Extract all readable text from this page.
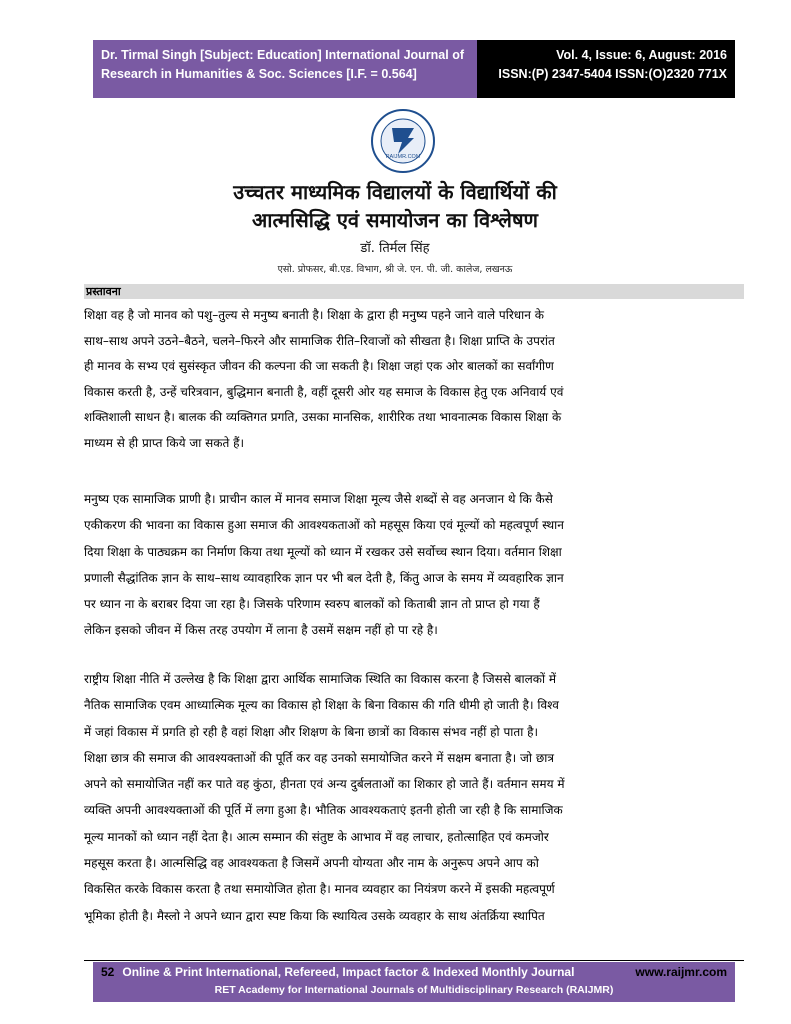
Dr. Tirmal Singh [Subject: Education] International Journal of
Research in Humanities & Soc. Sciences [I.F. = 0.564]
Vol. 4, Issue: 6, August: 2016
ISSN:(P) 2347-5404 ISSN:(O)2320 771X
RAIJMR.COM
उच्चतर माध्यमिक विद्यालयों के विद्यार्थियों की
आत्मसिद्धि एवं समायोजन का विश्लेषण
डॉ. तिर्मल सिंह
एसो. प्रोफसर, बी.एड. विभाग, श्री जे. एन. पी. जी. कालेज, लखनऊ
प्रस्तावना

शिक्षा वह है जो मानव को पशु–तुल्य से मनुष्य बनाती है। शिक्षा के द्वारा ही मनुष्य पहने जाने वाले परिधान के
साथ–साथ अपने उठने–बैठने, चलने–फिरने और सामाजिक रीति–रिवाजों को सीखता है। शिक्षा प्राप्ति के उपरांत
ही मानव के सभ्य एवं सुसंस्कृत जीवन की कल्पना की जा सकती है। शिक्षा जहां एक ओर बालकों का सर्वांगीण
विकास करती है, उन्हें चरित्रवान, बुद्धिमान बनाती है, वहीं दूसरी ओर यह समाज के विकास हेतु एक अनिवार्य एवं
शक्तिशाली साधन है। बालक की व्यक्तिगत प्रगति, उसका मानसिक, शारीरिक तथा भावनात्मक विकास शिक्षा के
माध्यम से ही प्राप्त किये जा सकते हैं।

मनुष्य एक सामाजिक प्राणी है। प्राचीन काल में मानव समाज शिक्षा मूल्य जैसे शब्दों से वह अनजान थे कि कैसे
एकीकरण की भावना का विकास हुआ समाज की आवश्यकताओं को महसूस किया एवं मूल्यों को महत्वपूर्ण स्थान
दिया शिक्षा के पाठ्यक्रम का निर्माण किया तथा मूल्यों को ध्यान में रखकर उसे सर्वोच्च स्थान दिया। वर्तमान शिक्षा
प्रणाली सैद्धांतिक ज्ञान के साथ–साथ व्यावहारिक ज्ञान पर भी बल देती है, किंतु आज के समय में व्यवहारिक ज्ञान
पर ध्यान ना के बराबर दिया जा रहा है। जिसके परिणाम स्वरुप बालकों को किताबी ज्ञान तो प्राप्त हो गया हैं
लेकिन इसको जीवन में किस तरह उपयोग में लाना है उसमें सक्षम नहीं हो पा रहे है।

राष्ट्रीय शिक्षा नीति में उल्लेख है कि शिक्षा द्वारा आर्थिक सामाजिक स्थिति का विकास करना है जिससे बालकों में
नैतिक सामाजिक एवम आध्यात्मिक मूल्य का विकास हो शिक्षा के बिना विकास की गति धीमी हो जाती है। विश्व
में जहां विकास में प्रगति हो रही है वहां शिक्षा और शिक्षण के बिना छात्रों का विकास संभव नहीं हो पाता है।
शिक्षा छात्र की समाज की आवश्यक्ताओं की पूर्ति कर वह उनको समायोजित करने में सक्षम बनाता है। जो छात्र
अपने को समायोजित नहीं कर पाते वह कुंठा, हीनता एवं अन्य दुर्बलताओं का शिकार हो जाते हैं। वर्तमान समय में
व्यक्ति अपनी आवश्यक्ताओं की पूर्ति में लगा हुआ है। भौतिक आवश्यकताएं इतनी होती जा रही है कि सामाजिक
मूल्य मानकों को ध्यान नहीं देता है। आत्म सम्मान की संतुष्ट के आभाव में वह लाचार, हतोत्साहित एवं कमजोर
महसूस करता है। आत्मसिद्धि वह आवश्यकता है जिसमें अपनी योग्यता और नाम के अनुरूप अपने आप को
विकसित करके विकास करता है तथा समायोजित होता है। मानव व्यवहार का नियंत्रण करने में इसकी महत्वपूर्ण
भूमिका होती है। मैस्लो ने अपने ध्यान द्वारा स्पष्ट किया कि स्थायित्व उसके व्यवहार के साथ अंतर्क्रिया स्थापित

52 Online & Print International, Refereed, Impact factor & Indexed Monthly Journal	www.raijmr.com
RET Academy for International Journals of Multidisciplinary Research (RAIJMR)
